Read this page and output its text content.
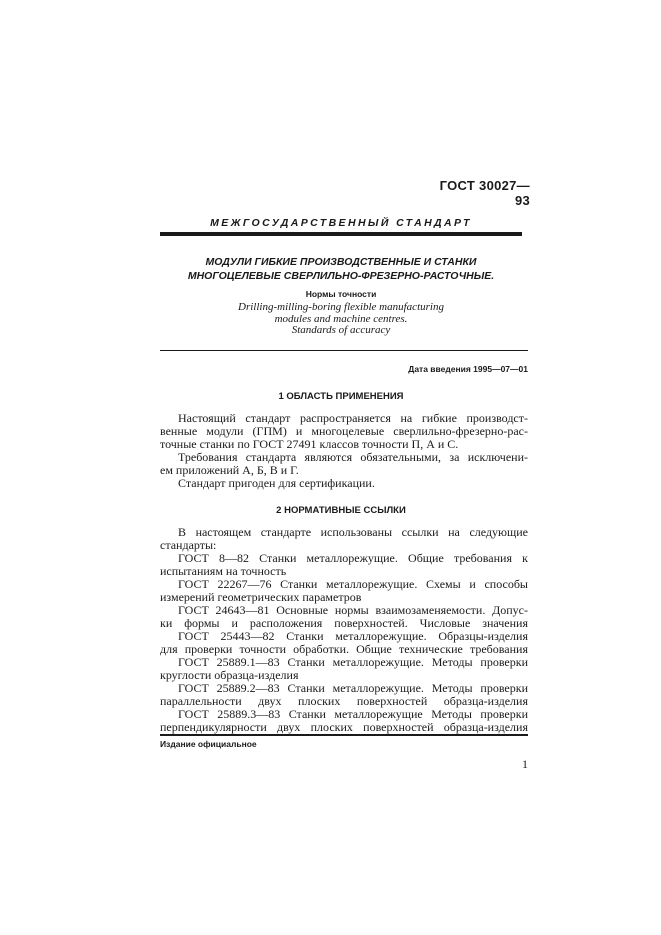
ГОСТ 30027—93
МЕЖГОСУДАРСТВЕННЫЙ СТАНДАРТ
МОДУЛИ ГИБКИЕ ПРОИЗВОДСТВЕННЫЕ И СТАНКИ
МНОГОЦЕЛЕВЫЕ СВЕРЛИЛЬНО-ФРЕЗЕРНО-РАСТОЧНЫЕ.
Нормы точности
Drilling-milling-boring flexible manufacturing
modules and machine centres.
Standards of accuracy
Дата введения 1995—07—01
1 ОБЛАСТЬ ПРИМЕНЕНИЯ
Настоящий стандарт распространяется на гибкие производст-
венные модули (ГПМ) и многоцелевые сверлильно-фрезерно-рас-
точные станки по ГОСТ 27491 классов точности П, А и С.
Требования стандарта являются обязательными, за исключени-
ем приложений А, Б, В и Г.
Стандарт пригоден для сертификации.
2 НОРМАТИВНЫЕ ССЫЛКИ
В настоящем стандарте использованы ссылки на следующие
стандарты:
ГОСТ 8—82 Станки металлорежущие. Общие требования к
испытаниям на точность
ГОСТ 22267—76 Станки металлорежущие. Схемы и способы
измерений геометрических параметров
ГОСТ 24643—81 Основные нормы взаимозаменяемости. Допус-
ки формы и расположения поверхностей. Числовые значения
ГОСТ 25443—82 Станки металлорежущие. Образцы-изделия
для проверки точности обработки. Общие технические требования
ГОСТ 25889.1—83 Станки металлорежущие. Методы проверки
круглости образца-изделия
ГОСТ 25889.2—83 Станки металлорежущие. Методы проверки
параллельности двух плоских поверхностей образца-изделия
ГОСТ 25889.3—83 Станки металлорежущие Методы проверки
перпендикулярности двух плоских поверхностей образца-изделия
Издание официальное
1
